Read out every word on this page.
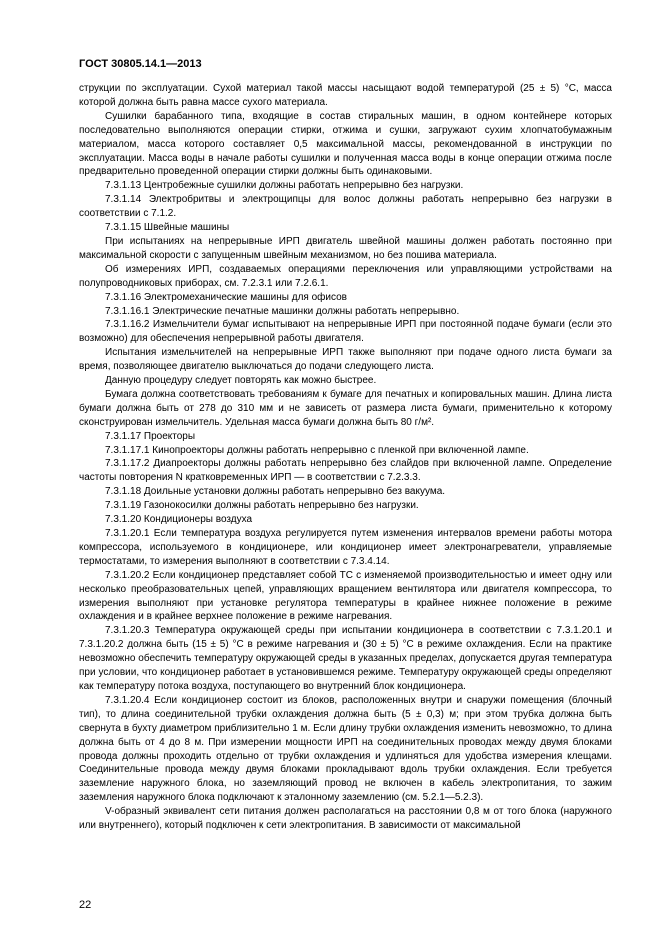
ГОСТ 30805.14.1—2013

струкции по эксплуатации. Сухой материал такой массы насыщают водой температурой (25 ± 5) °С, масса которой должна быть равна массе сухого материала.

Сушилки барабанного типа, входящие в состав стиральных машин, в одном контейнере которых последовательно выполняются операции стирки, отжима и сушки, загружают сухим хлопчатобумажным материалом, масса которого составляет 0,5 максимальной массы, рекомендованной в инструкции по эксплуатации. Масса воды в начале работы сушилки и полученная масса воды в конце операции отжима после предварительно проведенной операции стирки должны быть одинаковыми.

7.3.1.13 Центробежные сушилки должны работать непрерывно без нагрузки.

7.3.1.14 Электробритвы и электрощипцы для волос должны работать непрерывно без нагрузки в соответствии с 7.1.2.

7.3.1.15 Швейные машины

При испытаниях на непрерывные ИРП двигатель швейной машины должен работать постоянно при максимальной скорости с запущенным швейным механизмом, но без пошива материала.

Об измерениях ИРП, создаваемых операциями переключения или управляющими устройствами на полупроводниковых приборах, см. 7.2.3.1 или 7.2.6.1.

7.3.1.16 Электромеханические машины для офисов

7.3.1.16.1 Электрические печатные машинки должны работать непрерывно.

7.3.1.16.2 Измельчители бумаг испытывают на непрерывные ИРП при постоянной подаче бумаги (если это возможно) для обеспечения непрерывной работы двигателя.

Испытания измельчителей на непрерывные ИРП также выполняют при подаче одного листа бумаги за время, позволяющее двигателю выключаться до подачи следующего листа.

Данную процедуру следует повторять как можно быстрее.

Бумага должна соответствовать требованиям к бумаге для печатных и копировальных машин. Длина листа бумаги должна быть от 278 до 310 мм и не зависеть от размера листа бумаги, применительно к которому сконструирован измельчитель. Удельная масса бумаги должна быть 80 г/м².

7.3.1.17 Проекторы

7.3.1.17.1 Кинопроекторы должны работать непрерывно с пленкой при включенной лампе.

7.3.1.17.2 Диапроекторы должны работать непрерывно без слайдов при включенной лампе. Определение частоты повторения N кратковременных ИРП — в соответствии с 7.2.3.3.

7.3.1.18 Доильные установки должны работать непрерывно без вакуума.

7.3.1.19 Газонокосилки должны работать непрерывно без нагрузки.

7.3.1.20 Кондиционеры воздуха

7.3.1.20.1 Если температура воздуха регулируется путем изменения интервалов времени работы мотора компрессора, используемого в кондиционере, или кондиционер имеет электронагреватели, управляемые термостатами, то измерения выполняют в соответствии с 7.3.4.14.

7.3.1.20.2 Если кондиционер представляет собой ТС с изменяемой производительностью и имеет одну или несколько преобразовательных цепей, управляющих вращением вентилятора или двигателя компрессора, то измерения выполняют при установке регулятора температуры в крайнее нижнее положение в режиме охлаждения и в крайнее верхнее положение в режиме нагревания.

7.3.1.20.3 Температура окружающей среды при испытании кондиционера в соответствии с 7.3.1.20.1 и 7.3.1.20.2 должна быть (15 ± 5) °С в режиме нагревания и (30 ± 5) °С в режиме охлаждения. Если на практике невозможно обеспечить температуру окружающей среды в указанных пределах, допускается другая температура при условии, что кондиционер работает в установившемся режиме. Температуру окружающей среды определяют как температуру потока воздуха, поступающего во внутренний блок кондиционера.

7.3.1.20.4 Если кондиционер состоит из блоков, расположенных внутри и снаружи помещения (блочный тип), то длина соединительной трубки охлаждения должна быть (5 ± 0,3) м; при этом трубка должна быть свернута в бухту диаметром приблизительно 1 м. Если длину трубки охлаждения изменить невозможно, то длина должна быть от 4 до 8 м. При измерении мощности ИРП на соединительных проводах между двумя блоками провода должны проходить отдельно от трубки охлаждения и удлиняться для удобства измерения клещами. Соединительные провода между двумя блоками прокладывают вдоль трубки охлаждения. Если требуется заземление наружного блока, но заземляющий провод не включен в кабель электропитания, то зажим заземления наружного блока подключают к эталонному заземлению (см. 5.2.1—5.2.3).

V-образный эквивалент сети питания должен располагаться на расстоянии 0,8 м от того блока (наружного или внутреннего), который подключен к сети электропитания. В зависимости от максимальной

22
